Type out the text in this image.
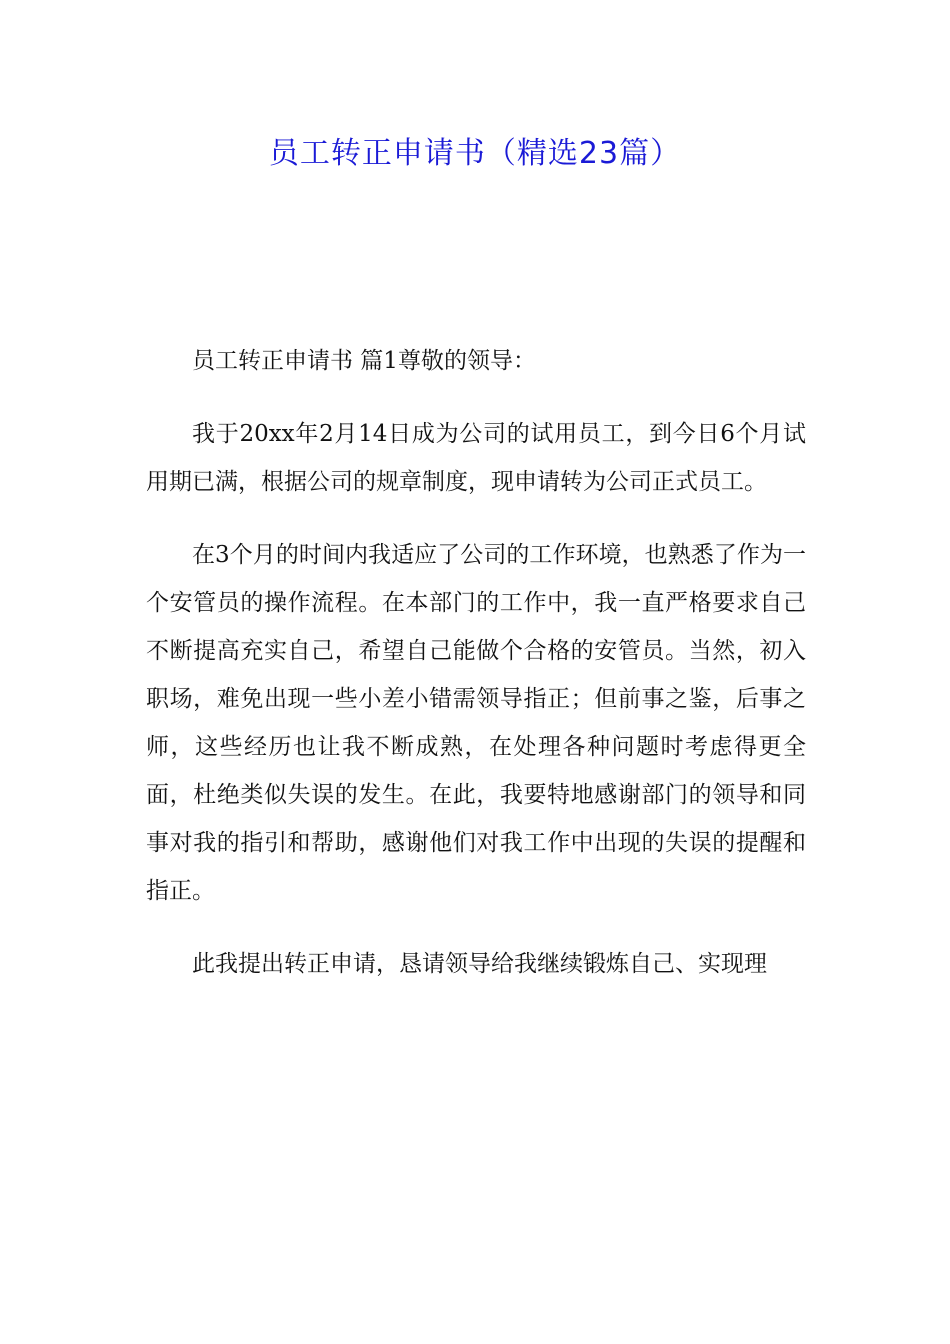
员工转正申请书（精选23篇）

员工转正申请书 篇1尊敬的领导：

我于20xx年2月14日成为公司的试用员工，到今日6个月试用期已满，根据公司的规章制度，现申请转为公司正式员工。

在3个月的时间内我适应了公司的工作环境，也熟悉了作为一个安管员的操作流程。在本部门的工作中，我一直严格要求自己不断提高充实自己，希望自己能做个合格的安管员。当然，初入职场，难免出现一些小差小错需领导指正；但前事之鉴，后事之师，这些经历也让我不断成熟，在处理各种问题时考虑得更全面，杜绝类似失误的发生。在此，我要特地感谢部门的领导和同事对我的指引和帮助，感谢他们对我工作中出现的失误的提醒和指正。

此我提出转正申请，恳请领导给我继续锻炼自己、实现理
